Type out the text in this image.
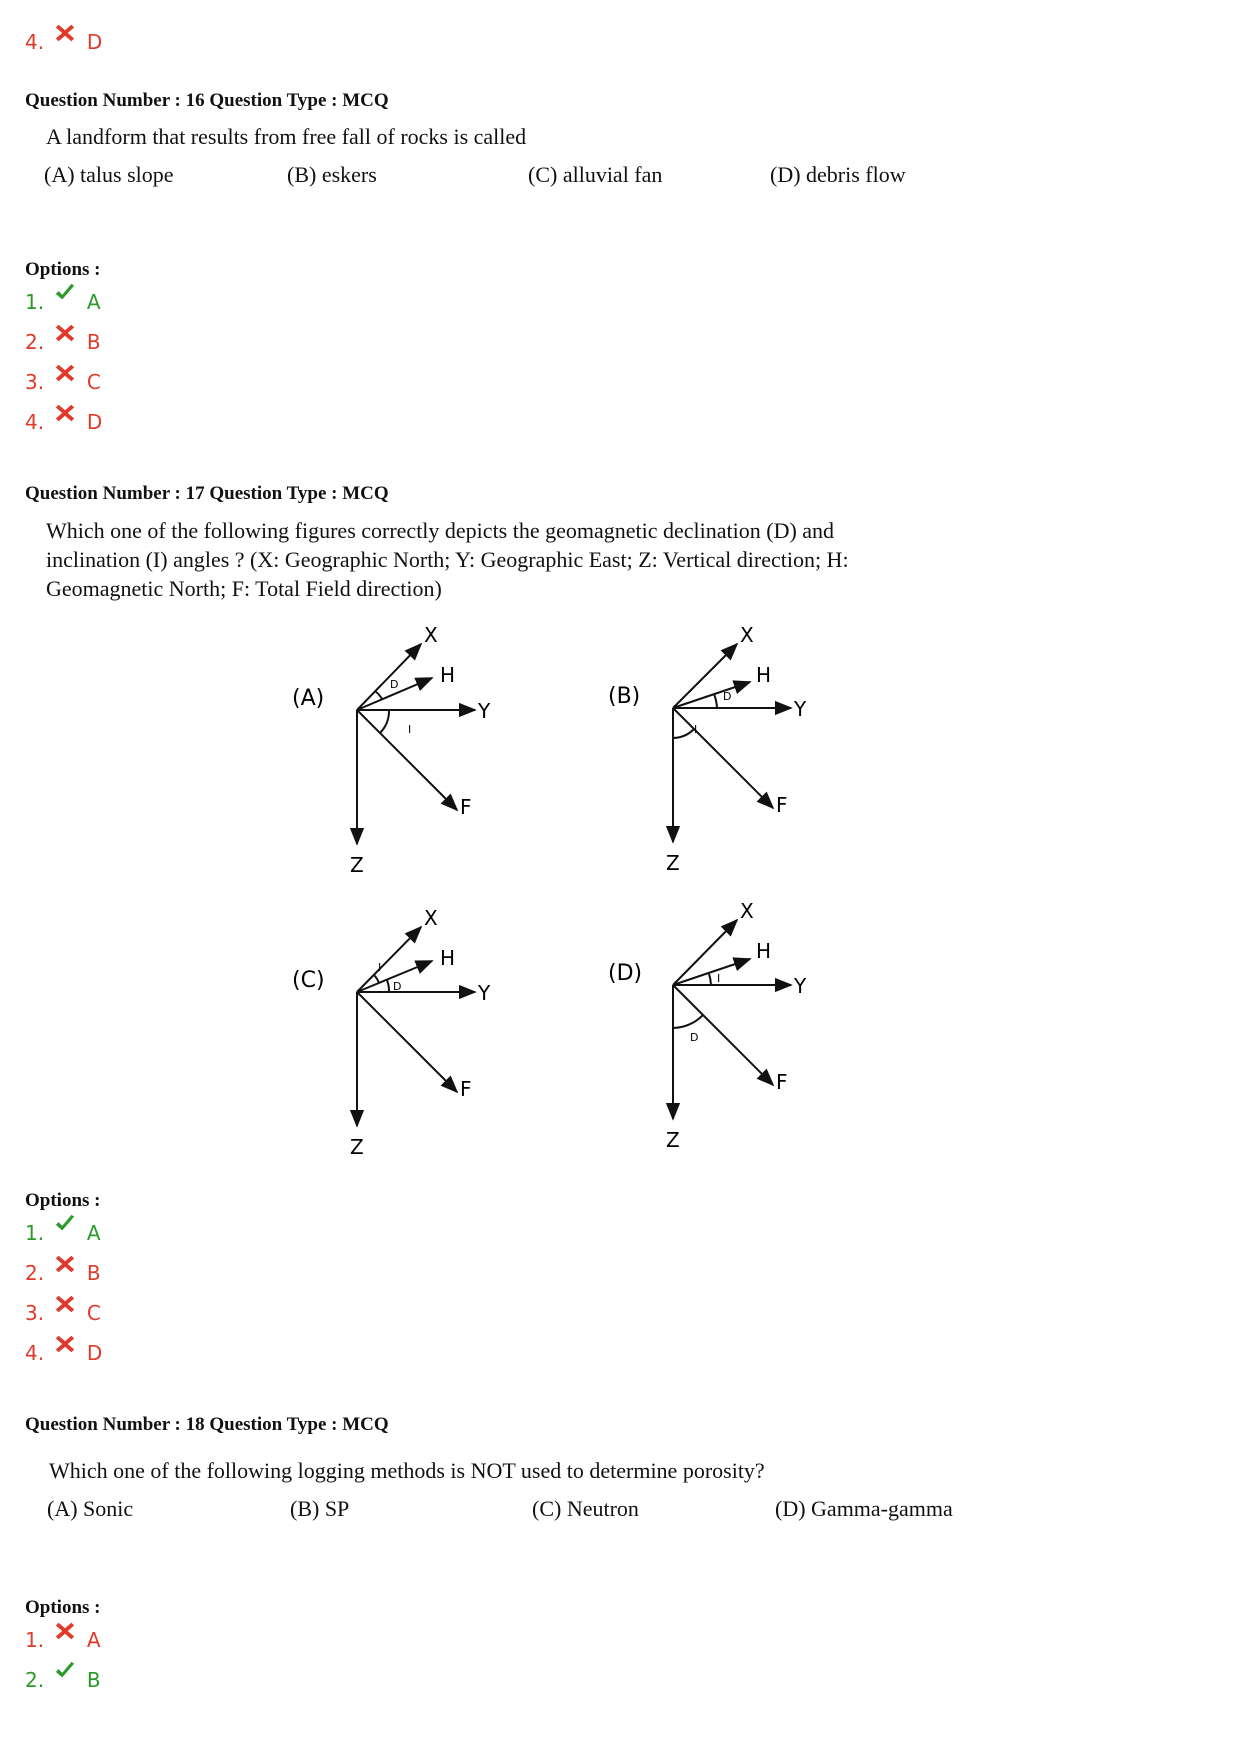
4. D
Question Number : 16 Question Type : MCQ
A landform that results from free fall of rocks is called
(A) talus slope	(B) eskers	(C) alluvial fan	(D) debris flow
Options :
1. A
2. B
3. C
4. D
Question Number : 17 Question Type : MCQ
Which one of the following figures correctly depicts the geomagnetic declination (D) and
inclination (I) angles ? (X: Geographic North; Y: Geographic East; Z: Vertical direction; H:
Geomagnetic North; F: Total Field direction)
(A)
X
H
Y
Z
F
D
I
(B)
X
H
Y
Z
F
D
I
(C)
X
H
Y
Z
F
I
D
(D)
X
H
Y
Z
F
I
D
Options :
1. A
2. B
3. C
4. D
Question Number : 18 Question Type : MCQ
Which one of the following logging methods is NOT used to determine porosity?
(A) Sonic	(B) SP	(C) Neutron	(D) Gamma-gamma
Options :
1. A
2. B
